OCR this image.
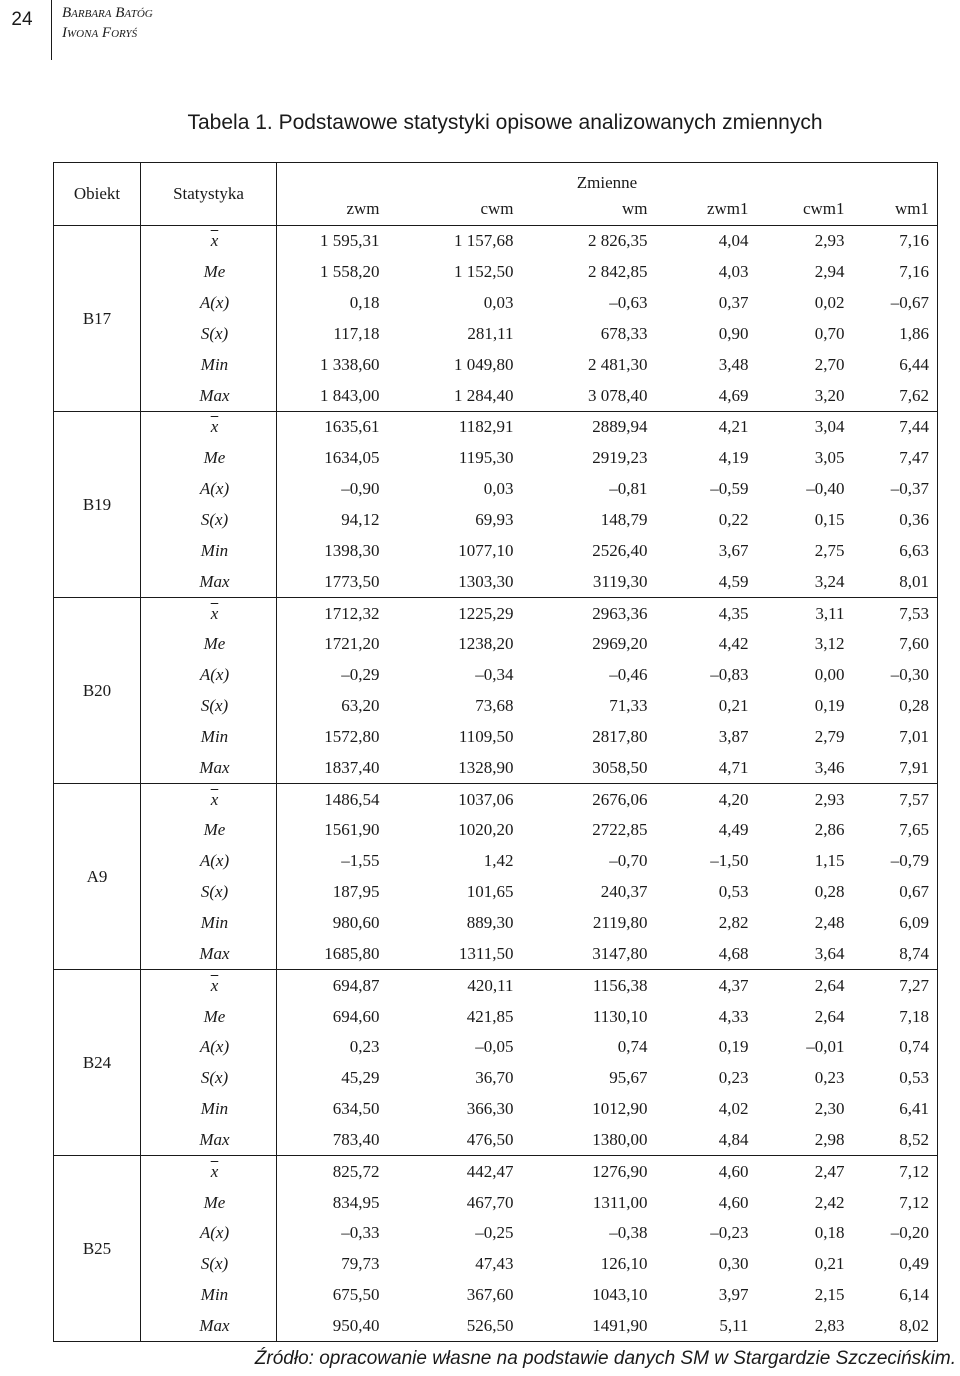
24	Barbara Batóg
Iwona Foryś
Tabela 1. Podstawowe statystyki opisowe analizowanych zmiennych
Obiekt	Statystyka	Zmienne					
		zwm	cwm	wm	zwm1	cwm1	wm1
B17	$\overline{x}$	1 595,31	1 157,68	2 826,35	4,04	2,93	7,16
	Me	1 558,20	1 152,50	2 842,85	4,03	2,94	7,16
	A(x)	0,18	0,03	–0,63	0,37	0,02	–0,67
	S(x)	117,18	281,11	678,33	0,90	0,70	1,86
	Min	1 338,60	1 049,80	2 481,30	3,48	2,70	6,44
	Max	1 843,00	1 284,40	3 078,40	4,69	3,20	7,62
B19	$\overline{x}$	1635,61	1182,91	2889,94	4,21	3,04	7,44
	Me	1634,05	1195,30	2919,23	4,19	3,05	7,47
	A(x)	–0,90	0,03	–0,81	–0,59	–0,40	–0,37
	S(x)	94,12	69,93	148,79	0,22	0,15	0,36
	Min	1398,30	1077,10	2526,40	3,67	2,75	6,63
	Max	1773,50	1303,30	3119,30	4,59	3,24	8,01
B20	$\overline{x}$	1712,32	1225,29	2963,36	4,35	3,11	7,53
	Me	1721,20	1238,20	2969,20	4,42	3,12	7,60
	A(x)	–0,29	–0,34	–0,46	–0,83	0,00	–0,30
	S(x)	63,20	73,68	71,33	0,21	0,19	0,28
	Min	1572,80	1109,50	2817,80	3,87	2,79	7,01
	Max	1837,40	1328,90	3058,50	4,71	3,46	7,91
A9	$\overline{x}$	1486,54	1037,06	2676,06	4,20	2,93	7,57
	Me	1561,90	1020,20	2722,85	4,49	2,86	7,65
	A(x)	–1,55	1,42	–0,70	–1,50	1,15	–0,79
	S(x)	187,95	101,65	240,37	0,53	0,28	0,67
	Min	980,60	889,30	2119,80	2,82	2,48	6,09
	Max	1685,80	1311,50	3147,80	4,68	3,64	8,74
B24	$\overline{x}$	694,87	420,11	1156,38	4,37	2,64	7,27
	Me	694,60	421,85	1130,10	4,33	2,64	7,18
	A(x)	0,23	–0,05	0,74	0,19	–0,01	0,74
	S(x)	45,29	36,70	95,67	0,23	0,23	0,53
	Min	634,50	366,30	1012,90	4,02	2,30	6,41
	Max	783,40	476,50	1380,00	4,84	2,98	8,52
B25	$\overline{x}$	825,72	442,47	1276,90	4,60	2,47	7,12
	Me	834,95	467,70	1311,00	4,60	2,42	7,12
	A(x)	–0,33	–0,25	–0,38	–0,23	0,18	–0,20
	S(x)	79,73	47,43	126,10	0,30	0,21	0,49
	Min	675,50	367,60	1043,10	3,97	2,15	6,14
	Max	950,40	526,50	1491,90	5,11	2,83	8,02
Źródło: opracowanie własne na podstawie danych SM w Stargardzie Szczecińskim.
